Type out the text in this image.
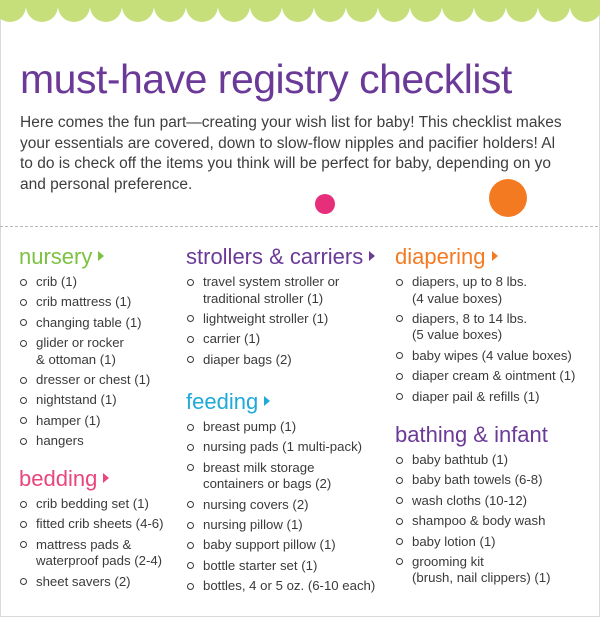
must-have registry checklist
Here comes the fun part—creating your wish list for baby! This checklist makes
your essentials are covered, down to slow-flow nipples and pacifier holders! Al
to do is check off the items you think will be perfect for baby, depending on yo
and personal preference.
nursery
crib (1)
crib mattress (1)
changing table (1)
glider or rocker
& ottoman (1)
dresser or chest (1)
nightstand (1)
hamper (1)
hangers
bedding
crib bedding set (1)
fitted crib sheets (4-6)
mattress pads &
waterproof pads (2-4)
sheet savers (2)
strollers & carriers
travel system stroller or
traditional stroller (1)
lightweight stroller (1)
carrier (1)
diaper bags (2)
feeding
breast pump (1)
nursing pads (1 multi-pack)
breast milk storage
containers or bags (2)
nursing covers (2)
nursing pillow (1)
baby support pillow (1)
bottle starter set (1)
bottles, 4 or 5 oz. (6-10 each)
diapering
diapers, up to 8 lbs.
(4 value boxes)
diapers, 8 to 14 lbs.
(5 value boxes)
baby wipes (4 value boxes)
diaper cream & ointment (1)
diaper pail & refills (1)
bathing & infant
baby bathtub (1)
baby bath towels (6-8)
wash cloths (10-12)
shampoo & body wash
baby lotion (1)
grooming kit
(brush, nail clippers) (1)
